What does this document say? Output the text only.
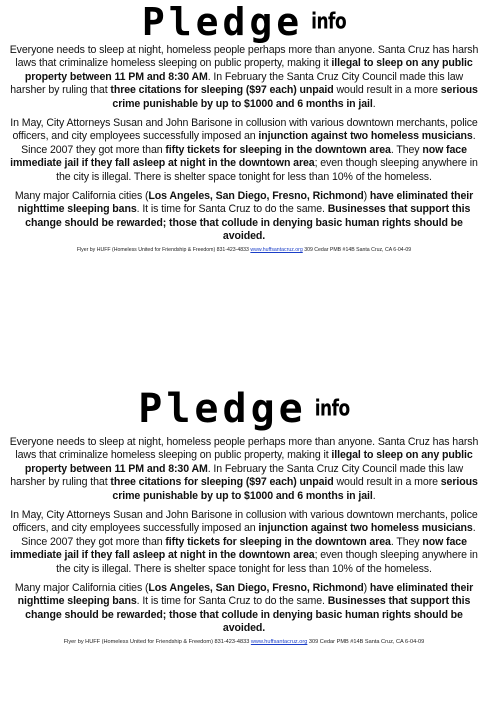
Pledge info

Everyone needs to sleep at night, homeless people perhaps more than anyone. Santa Cruz has harsh laws that criminalize homeless sleeping on public property, making it illegal to sleep on any public property between 11 PM and 8:30 AM. In February the Santa Cruz City Council made this law harsher by ruling that three citations for sleeping ($97 each) unpaid would result in a more serious crime punishable by up to $1000 and 6 months in jail.

In May, City Attorneys Susan and John Barisone in collusion with various downtown merchants, police officers, and city employees successfully imposed an injunction against two homeless musicians. Since 2007 they got more than fifty tickets for sleeping in the downtown area. They now face immediate jail if they fall asleep at night in the downtown area; even though sleeping anywhere in the city is illegal. There is shelter space tonight for less than 10% of the homeless.

Many major California cities (Los Angeles, San Diego, Fresno, Richmond) have eliminated their nighttime sleeping bans. It is time for Santa Cruz to do the same. Businesses that support this change should be rewarded; those that collude in denying basic human rights should be avoided.

Flyer by HUFF (Homeless United for Friendship & Freedom) 831-423-4833 www.huffsantacruz.org 309 Cedar PMB #14B Santa Cruz, CA 6-04-09
Pledge info

Everyone needs to sleep at night, homeless people perhaps more than anyone. Santa Cruz has harsh laws that criminalize homeless sleeping on public property, making it illegal to sleep on any public property between 11 PM and 8:30 AM. In February the Santa Cruz City Council made this law harsher by ruling that three citations for sleeping ($97 each) unpaid would result in a more serious crime punishable by up to $1000 and 6 months in jail.

In May, City Attorneys Susan and John Barisone in collusion with various downtown merchants, police officers, and city employees successfully imposed an injunction against two homeless musicians. Since 2007 they got more than fifty tickets for sleeping in the downtown area. They now face immediate jail if they fall asleep at night in the downtown area; even though sleeping anywhere in the city is illegal. There is shelter space tonight for less than 10% of the homeless.

Many major California cities (Los Angeles, San Diego, Fresno, Richmond) have eliminated their nighttime sleeping bans. It is time for Santa Cruz to do the same. Businesses that support this change should be rewarded; those that collude in denying basic human rights should be avoided.

Flyer by HUFF (Homeless United for Friendship & Freedom) 831-423-4833 www.huffsantacruz.org 309 Cedar PMB #14B Santa Cruz, CA 6-04-09
